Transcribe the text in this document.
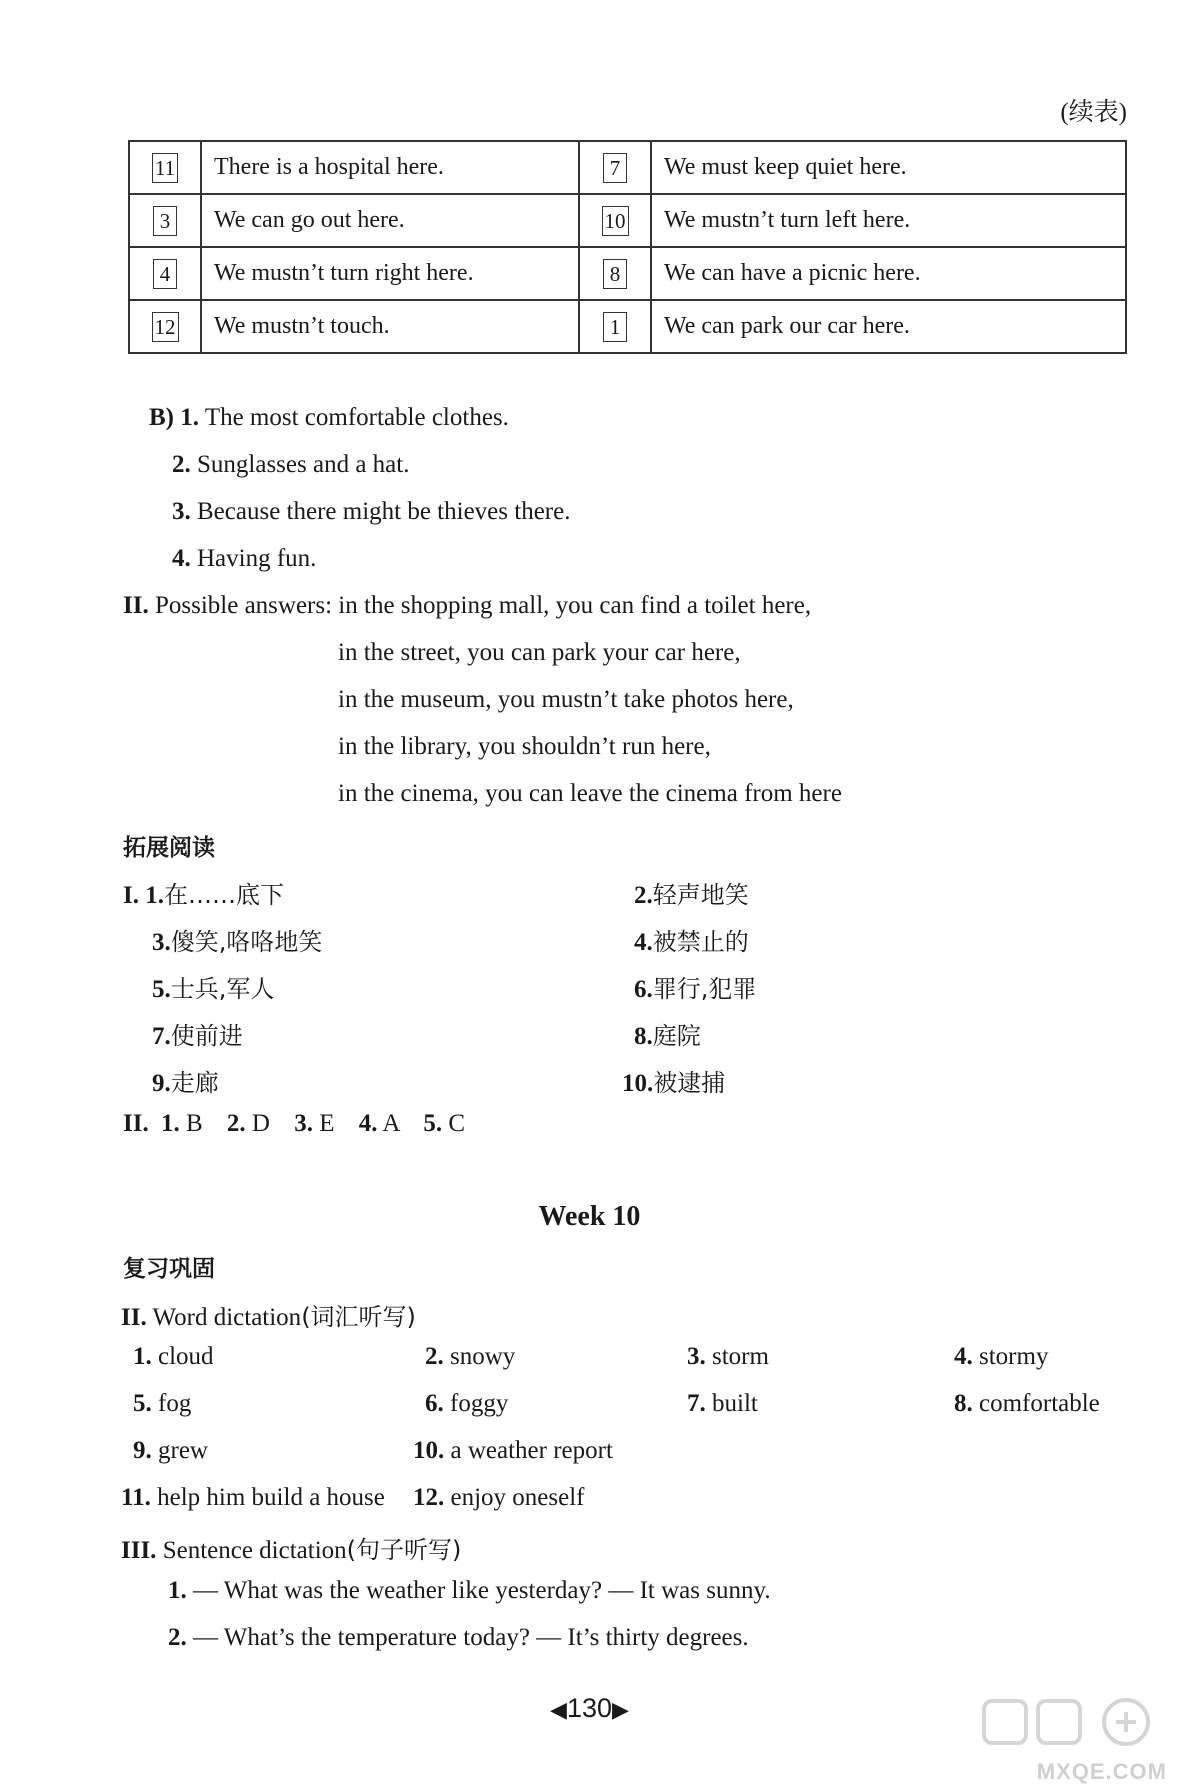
(续表)
11	There is a hospital here.	7	We must keep quiet here.
3	We can go out here.	10	We mustn’t turn left here.
4	We mustn’t turn right here.	8	We can have a picnic here.
12	We mustn’t touch.	1	We can park our car here.
B) 1. The most comfortable clothes.
2. Sunglasses and a hat.
3. Because there might be thieves there.
4. Having fun.
II. Possible answers: in the shopping mall, you can find a toilet here,
in the street, you can park your car here,
in the museum, you mustn’t take photos here,
in the library, you shouldn’t run here,
in the cinema, you can leave the cinema from here
拓展阅读
I. 1.在……底下	2.轻声地笑
3.傻笑,咯咯地笑	4.被禁止的
5.士兵,军人	6.罪行,犯罪
7.使前进	8.庭院
9.走廊	10.被逮捕
II. 1. B 2. D 3. E 4. A 5. C
Week 10
复习巩固
II. Word dictation(词汇听写)
1. cloud	2. snowy	3. storm	4. stormy
5. fog	6. foggy	7. built	8. comfortable
9. grew	10. a weather report
11. help him build a house 12. enjoy oneself
III. Sentence dictation(句子听写)
1. — What was the weather like yesterday? — It was sunny.
2. — What’s the temperature today? — It’s thirty degrees.
◀130▶
MXQE.COM
